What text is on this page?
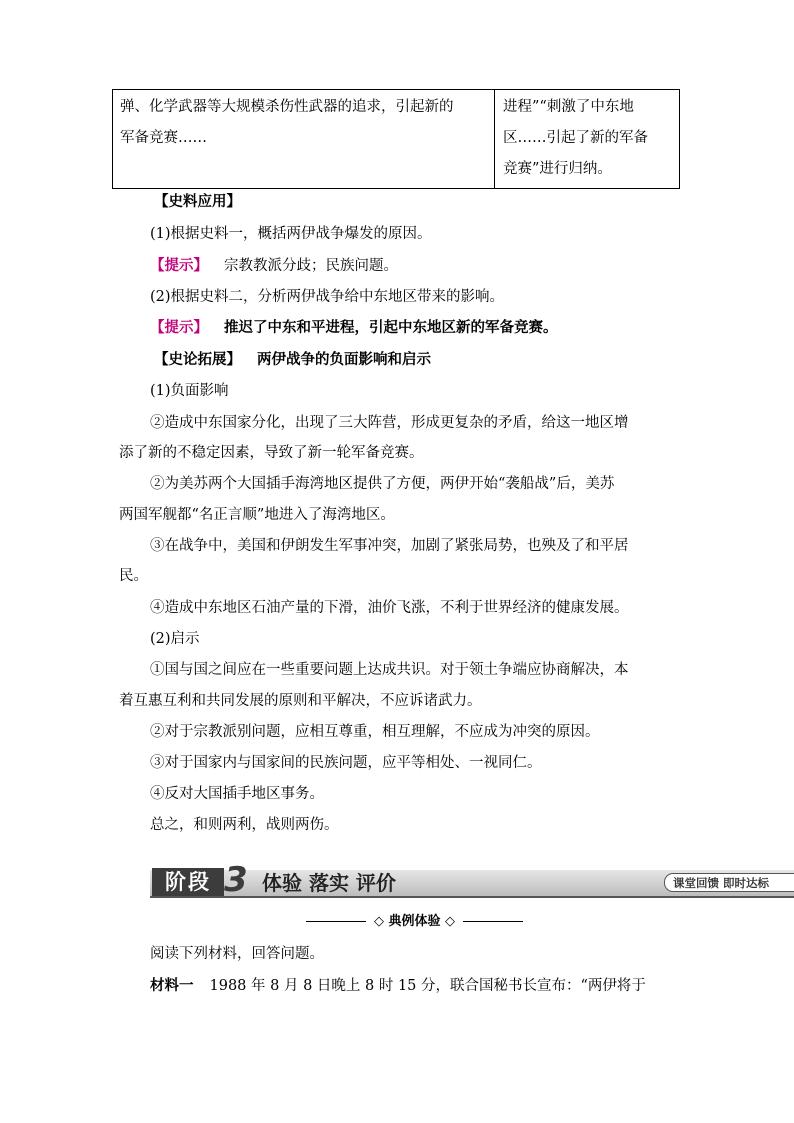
弹、化学武器等大规模杀伤性武器的追求，引起新的
军备竞赛……
进程”“刺激了中东地
区……引起了新的军备
竞赛”进行归纳。
【史料应用】
(1)根据史料一，概括两伊战争爆发的原因。
【提示】 宗教教派分歧；民族问题。
(2)根据史料二，分析两伊战争给中东地区带来的影响。
【提示】 推迟了中东和平进程，引起中东地区新的军备竞赛。
【史论拓展】 两伊战争的负面影响和启示
(1)负面影响
②造成中东国家分化，出现了三大阵营，形成更复杂的矛盾，给这一地区增
添了新的不稳定因素，导致了新一轮军备竞赛。
②为美苏两个大国插手海湾地区提供了方便，两伊开始“袭船战”后，美苏
两国军舰都“名正言顺”地进入了海湾地区。
③在战争中，美国和伊朗发生军事冲突，加剧了紧张局势，也殃及了和平居
民。
④造成中东地区石油产量的下滑，油价飞涨，不利于世界经济的健康发展。
(2)启示
①国与国之间应在一些重要问题上达成共识。对于领土争端应协商解决，本
着互惠互利和共同发展的原则和平解决，不应诉诸武力。
②对于宗教派别问题，应相互尊重，相互理解，不应成为冲突的原因。
③对于国家内与国家间的民族问题，应平等相处、一视同仁。
④反对大国插手地区事务。
总之，和则两利，战则两伤。
阶段 3 体验 落实 评价	课堂回馈 即时达标
◇ 典例体验 ◇
阅读下列材料，回答问题。
材料一 1988 年 8 月 8 日晚上 8 时 15 分，联合国秘书长宣布：“两伊将于
